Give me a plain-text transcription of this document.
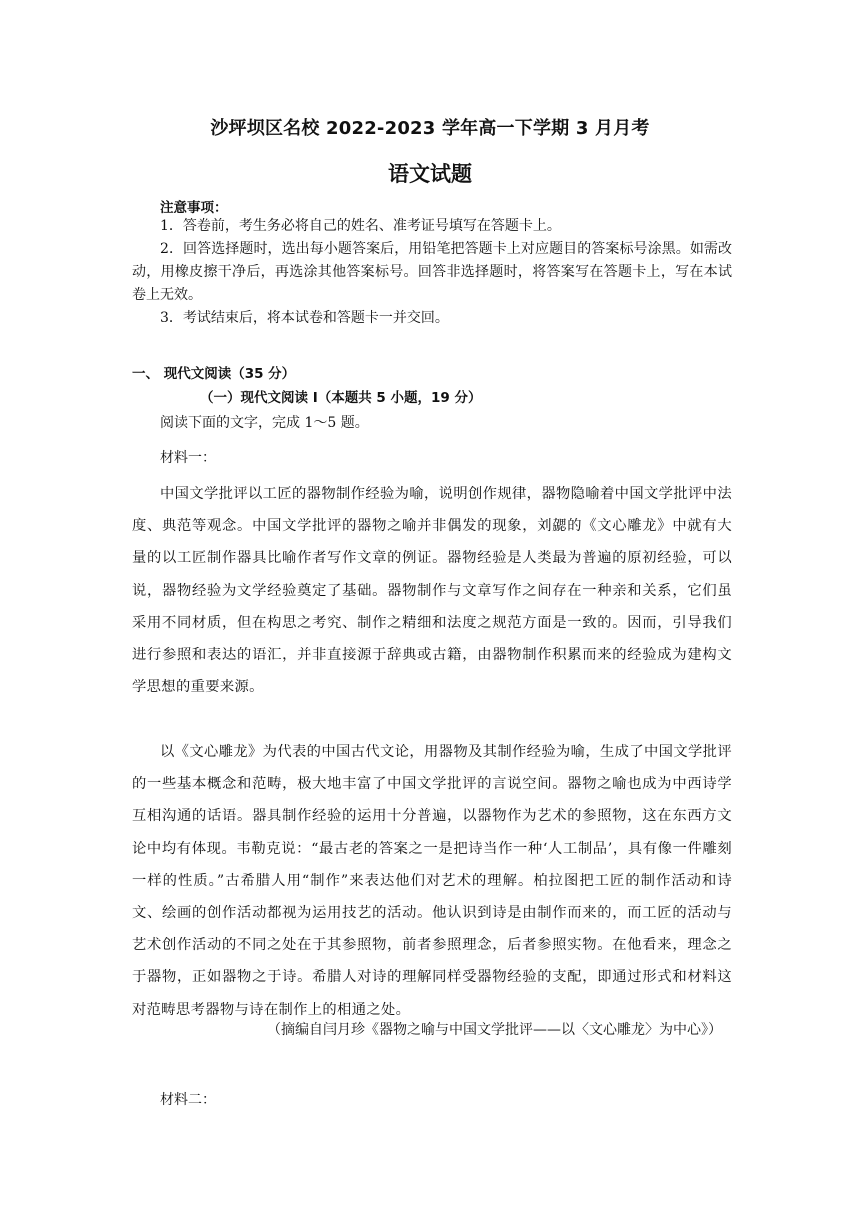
沙坪坝区名校 2022-2023 学年高一下学期 3 月月考
语文试题
注意事项：
1．答卷前，考生务必将自己的姓名、准考证号填写在答题卡上。
2．回答选择题时，选出每小题答案后，用铅笔把答题卡上对应题目的答案标号涂黑。如需改动，用橡皮擦干净后，再选涂其他答案标号。回答非选择题时，将答案写在答题卡上，写在本试卷上无效。
3．考试结束后，将本试卷和答题卡一并交回。
一、 现代文阅读（35 分）
（一）现代文阅读 I（本题共 5 小题，19 分）
阅读下面的文字，完成 1～5 题。
材料一：
中国文学批评以工匠的器物制作经验为喻，说明创作规律，器物隐喻着中国文学批评中法度、典范等观念。中国文学批评的器物之喻并非偶发的现象，刘勰的《文心雕龙》中就有大量的以工匠制作器具比喻作者写作文章的例证。器物经验是人类最为普遍的原初经验，可以说，器物经验为文学经验奠定了基础。器物制作与文章写作之间存在一种亲和关系，它们虽采用不同材质，但在构思之考究、制作之精细和法度之规范方面是一致的。因而，引导我们进行参照和表达的语汇，并非直接源于辞典或古籍，由器物制作积累而来的经验成为建构文学思想的重要来源。
以《文心雕龙》为代表的中国古代文论，用器物及其制作经验为喻，生成了中国文学批评的一些基本概念和范畴，极大地丰富了中国文学批评的言说空间。器物之喻也成为中西诗学互相沟通的话语。器具制作经验的运用十分普遍，以器物作为艺术的参照物，这在东西方文论中均有体现。韦勒克说：“最古老的答案之一是把诗当作一种‘人工制品’，具有像一件雕刻一样的性质。”古希腊人用“制作”来表达他们对艺术的理解。柏拉图把工匠的制作活动和诗文、绘画的创作活动都视为运用技艺的活动。他认识到诗是由制作而来的，而工匠的活动与艺术创作活动的不同之处在于其参照物，前者参照理念，后者参照实物。在他看来，理念之于器物，正如器物之于诗。希腊人对诗的理解同样受器物经验的支配，即通过形式和材料这对范畴思考器物与诗在制作上的相通之处。
（摘编自闫月珍《器物之喻与中国文学批评——以〈文心雕龙〉为中心》）
材料二：
